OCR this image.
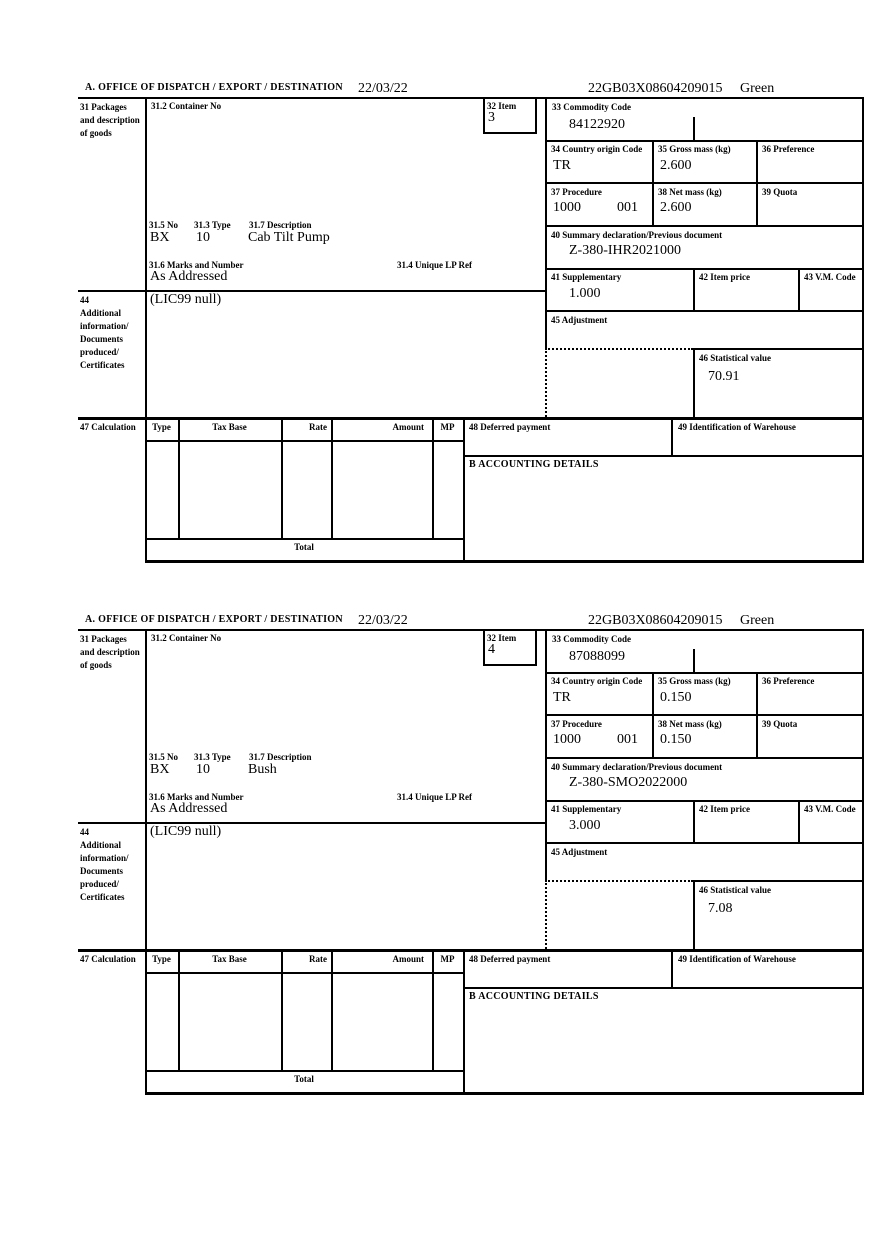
A. OFFICE OF DISPATCH / EXPORT / DESTINATION 22/03/22	22GB03X08604209015 Green
31 Packages and description of goods
31.2 Container No	32 Item
3
33 Commodity Code
84122920
34 Country origin Code
TR
35 Gross mass (kg)
2.600
36 Preference
37 Procedure
1000	001
38 Net mass (kg)
2.600
39 Quota
40 Summary declaration/Previous document
Z-380-IHR2021000
31.5 No 31.3 Type 31.7 Description
BX 10	Cab Tilt Pump
31.6 Marks and Number	31.4 Unique LP Ref
As Addressed	41 Supplementary
1.000
42 Item price	43 V.M. Code
44
Additional information/ Documents produced/ Certificates
(LIC99 null)
45 Adjustment
46 Statistical value
70.91
47 Calculation	Type	Tax Base	Rate	Amount	MP	48 Deferred payment	49 Identification of Warehouse
B ACCOUNTING DETAILS
Total
A. OFFICE OF DISPATCH / EXPORT / DESTINATION 22/03/22	22GB03X08604209015 Green
31 Packages and description of goods
31.2 Container No	32 Item
4
33 Commodity Code
87088099
34 Country origin Code
TR
35 Gross mass (kg)
0.150
36 Preference
37 Procedure
1000	001
38 Net mass (kg)
0.150
39 Quota
40 Summary declaration/Previous document
Z-380-SMO2022000
31.5 No 31.3 Type 31.7 Description
BX 10	Bush
31.6 Marks and Number	31.4 Unique LP Ref
As Addressed	41 Supplementary
3.000
42 Item price	43 V.M. Code
44
Additional information/ Documents produced/ Certificates
(LIC99 null)
45 Adjustment
46 Statistical value
7.08
47 Calculation	Type	Tax Base	Rate	Amount	MP	48 Deferred payment	49 Identification of Warehouse
B ACCOUNTING DETAILS
Total
